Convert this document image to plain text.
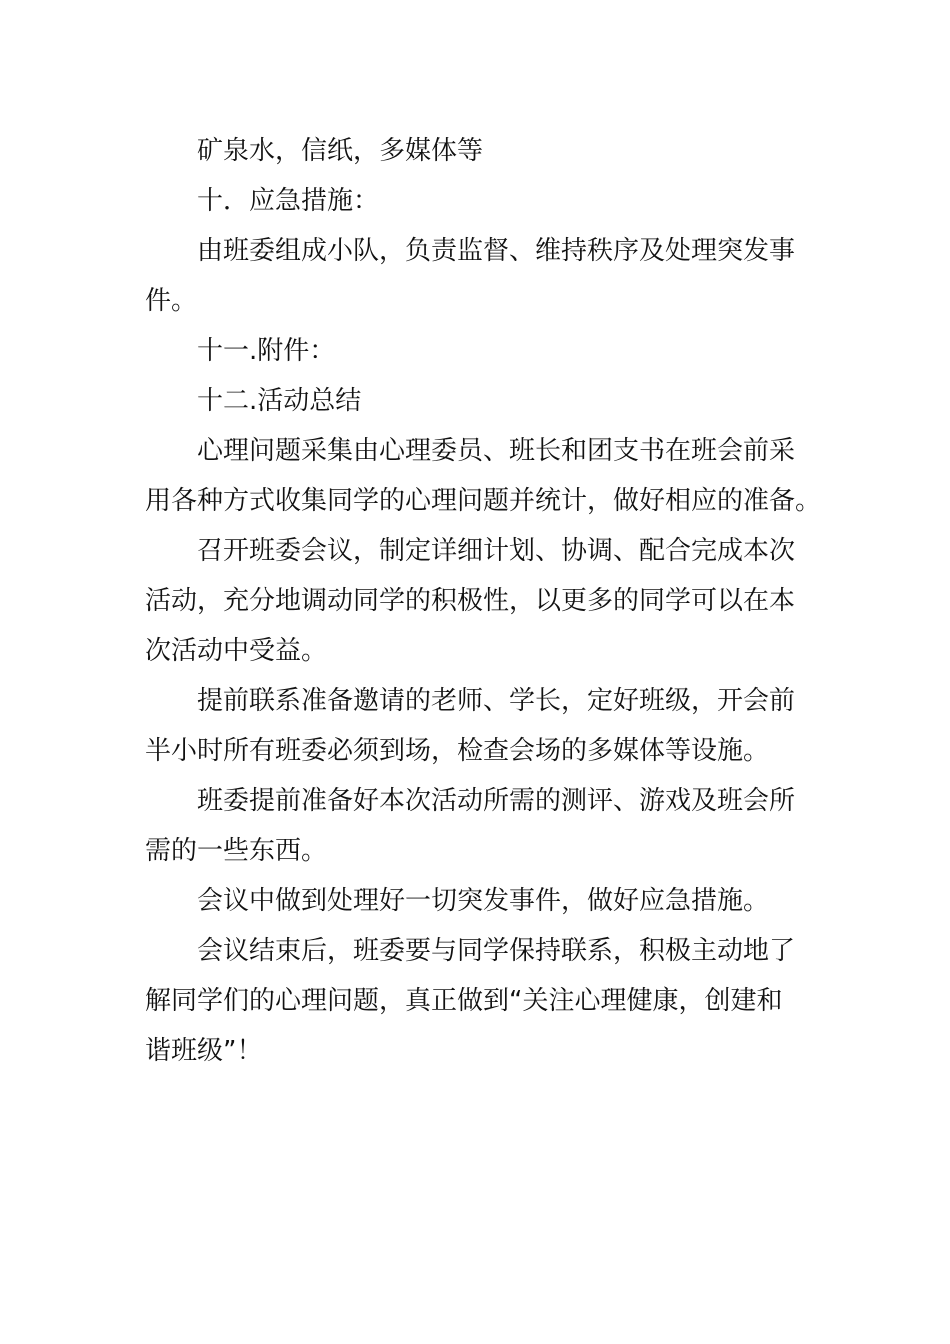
矿泉水，信纸，多媒体等
十．应急措施：
由班委组成小队，负责监督、维持秩序及处理突发事
件。
十一.附件：
十二.活动总结
心理问题采集由心理委员、班长和团支书在班会前采
用各种方式收集同学的心理问题并统计，做好相应的准备。
召开班委会议，制定详细计划、协调、配合完成本次
活动，充分地调动同学的积极性，以更多的同学可以在本
次活动中受益。
提前联系准备邀请的老师、学长，定好班级，开会前
半小时所有班委必须到场，检查会场的多媒体等设施。
班委提前准备好本次活动所需的测评、游戏及班会所
需的一些东西。
会议中做到处理好一切突发事件，做好应急措施。
会议结束后，班委要与同学保持联系，积极主动地了
解同学们的心理问题，真正做到“关注心理健康，创建和
谐班级”！
